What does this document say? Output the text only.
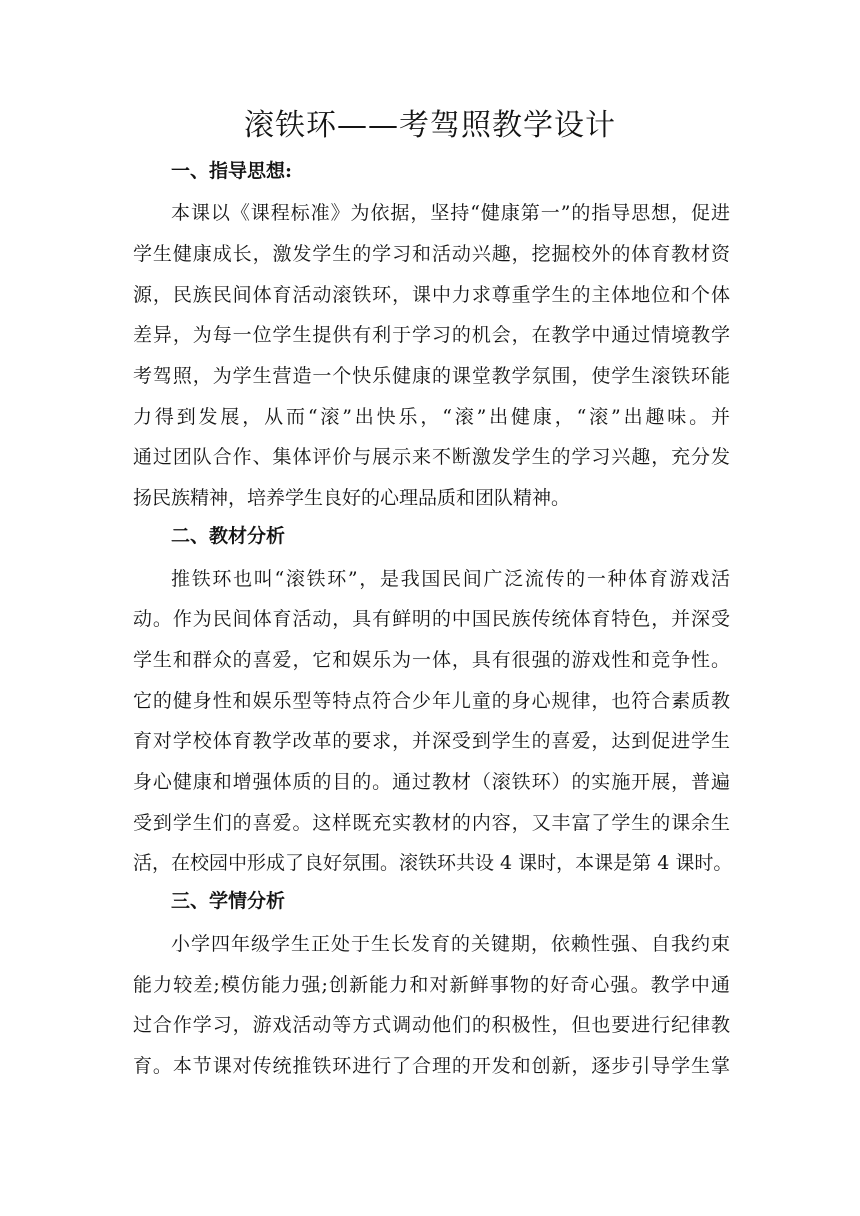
滚铁环——考驾照教学设计
一、指导思想:
本课以《课程标准》为依据，坚持“健康第一”的指导思想，促进
学生健康成长，激发学生的学习和活动兴趣，挖掘校外的体育教材资
源，民族民间体育活动滚铁环，课中力求尊重学生的主体地位和个体
差异，为每一位学生提供有利于学习的机会，在教学中通过情境教学
考驾照，为学生营造一个快乐健康的课堂教学氛围，使学生滚铁环能
力得到发展，从而“滚”出快乐，“滚”出健康，“滚”出趣味。并
通过团队合作、集体评价与展示来不断激发学生的学习兴趣，充分发
扬民族精神，培养学生良好的心理品质和团队精神。
二、教材分析
推铁环也叫“滚铁环”，是我国民间广泛流传的一种体育游戏活
动。作为民间体育活动，具有鲜明的中国民族传统体育特色，并深受
学生和群众的喜爱，它和娱乐为一体，具有很强的游戏性和竞争性。
它的健身性和娱乐型等特点符合少年儿童的身心规律，也符合素质教
育对学校体育教学改革的要求，并深受到学生的喜爱，达到促进学生
身心健康和增强体质的目的。通过教材（滚铁环）的实施开展，普遍
受到学生们的喜爱。这样既充实教材的内容，又丰富了学生的课余生
活，在校园中形成了良好氛围。滚铁环共设 4 课时，本课是第 4 课时。
三、学情分析
小学四年级学生正处于生长发育的关键期，依赖性强、自我约束
能力较差;模仿能力强;创新能力和对新鲜事物的好奇心强。教学中通
过合作学习，游戏活动等方式调动他们的积极性，但也要进行纪律教
育。本节课对传统推铁环进行了合理的开发和创新，逐步引导学生掌
